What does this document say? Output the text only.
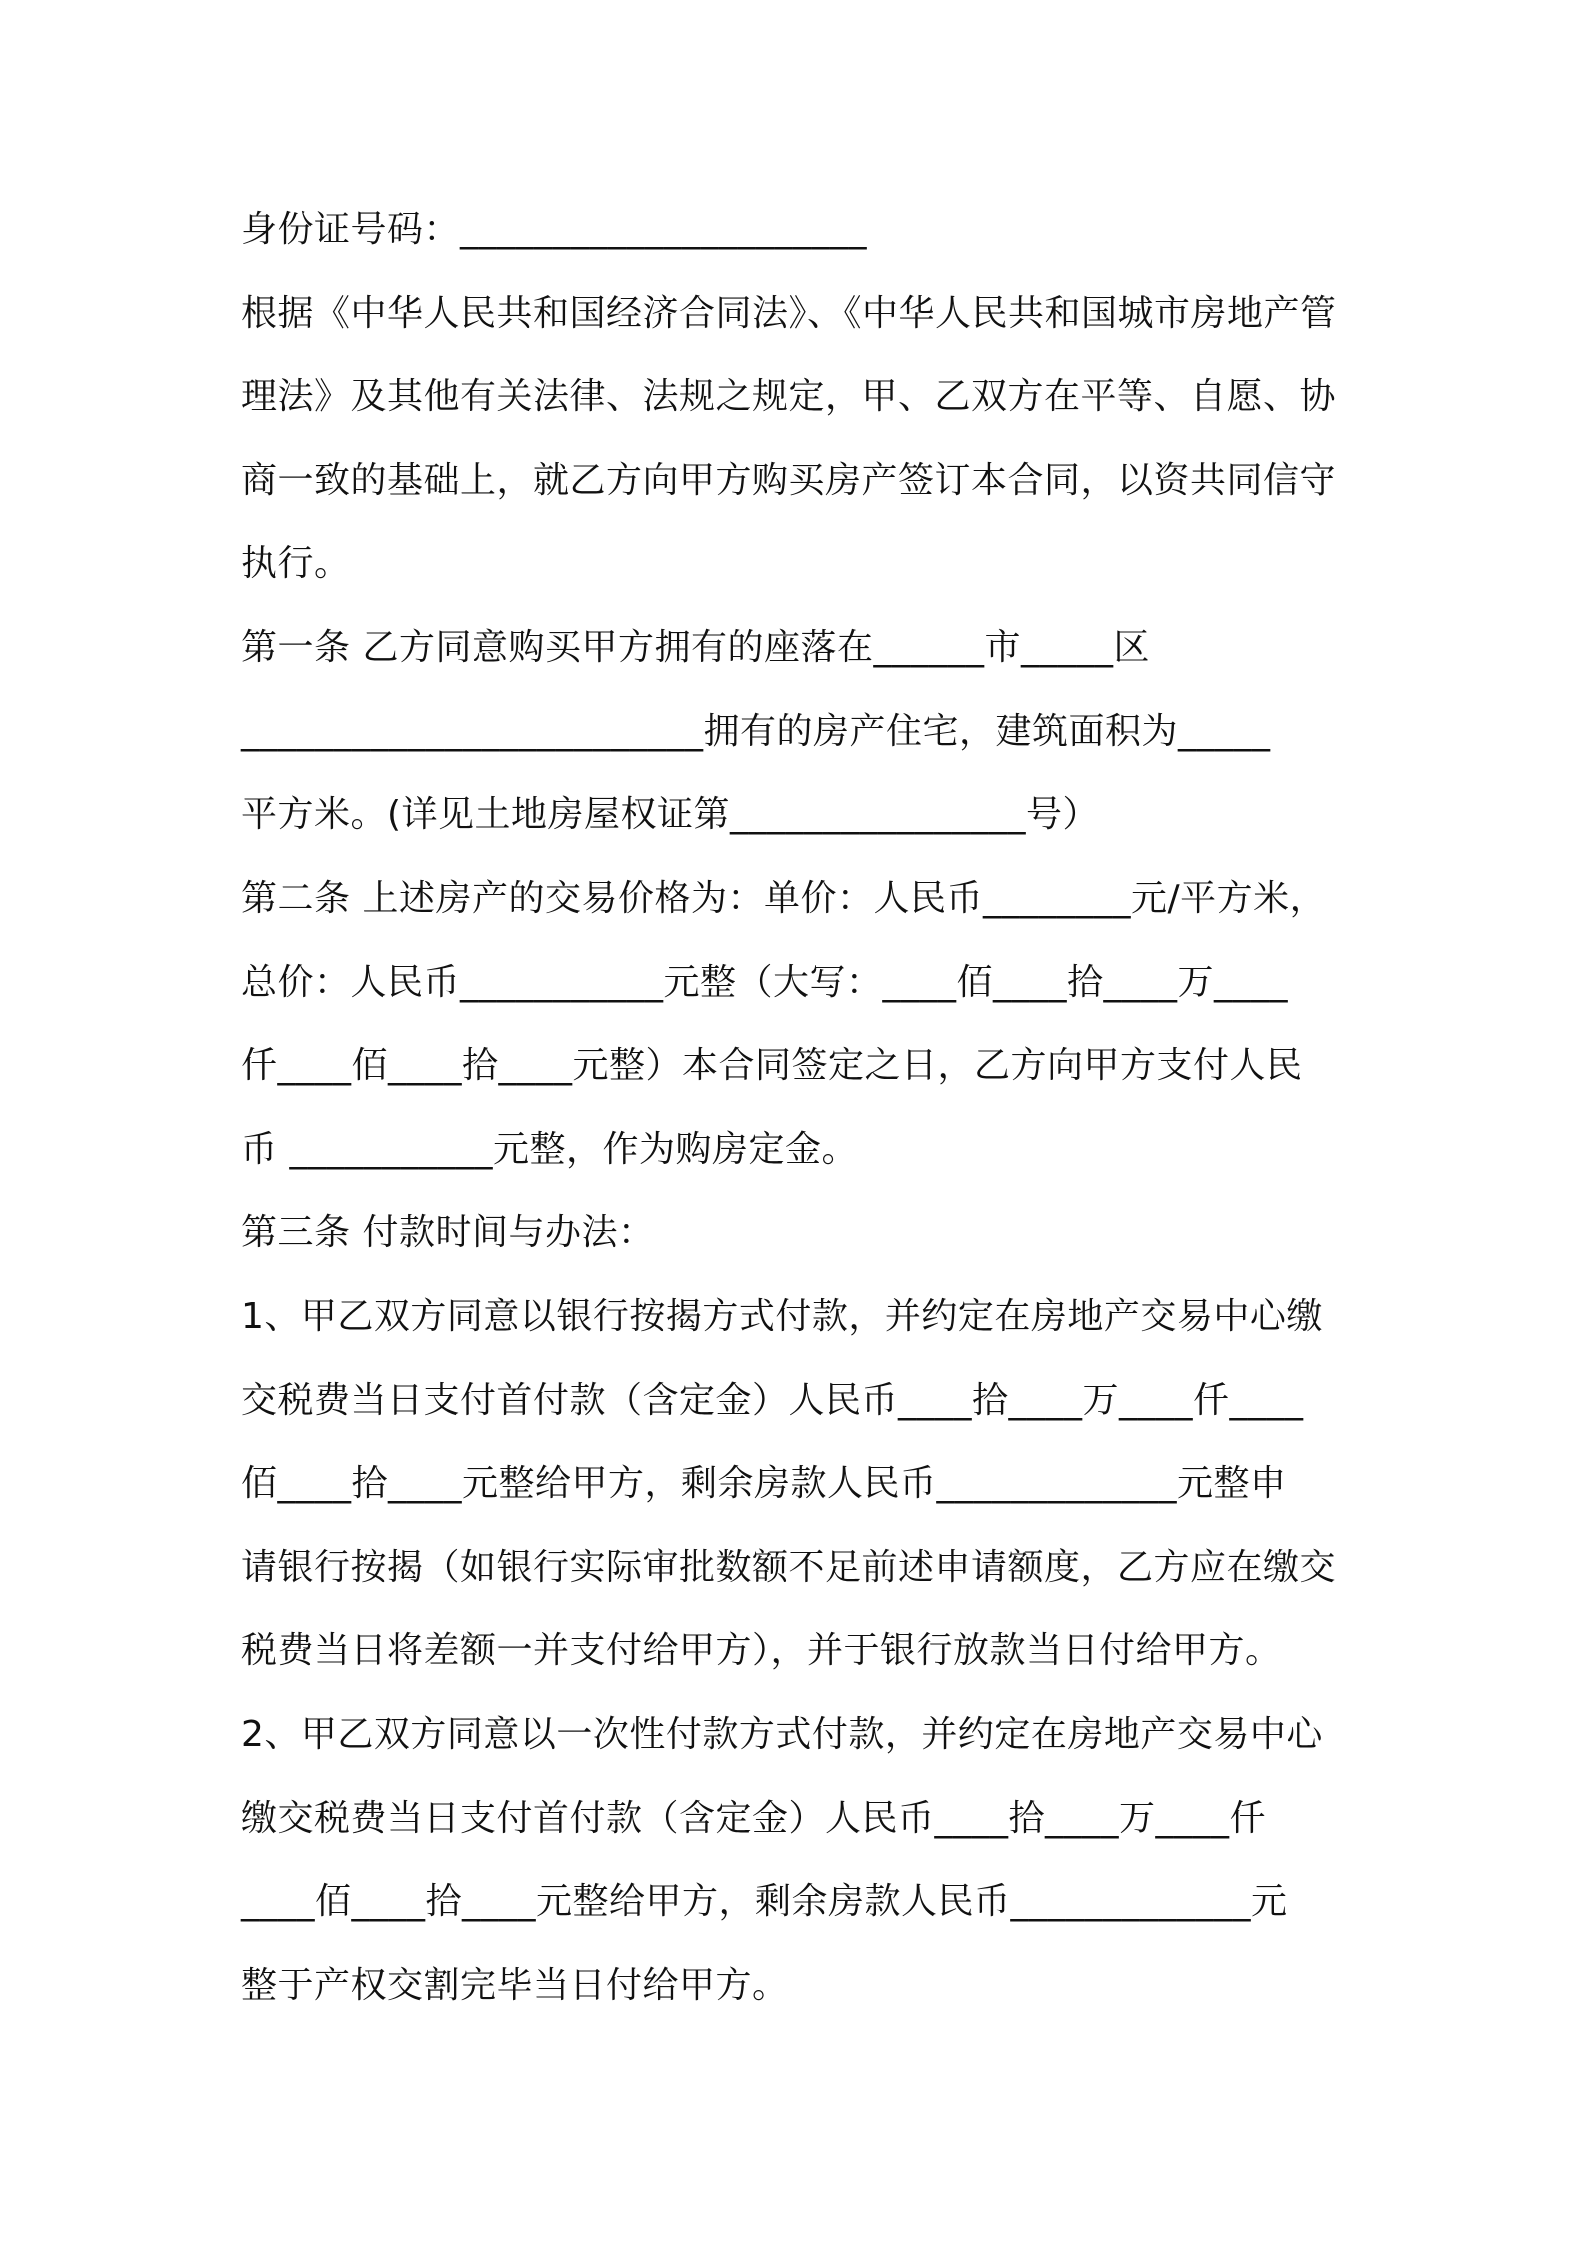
身份证号码：______________________
根据《中华人民共和国经济合同法》、《中华人民共和国城市房地产管
理法》及其他有关法律、法规之规定，甲、乙双方在平等、自愿、协
商一致的基础上，就乙方向甲方购买房产签订本合同，以资共同信守
执行。
第一条 乙方同意购买甲方拥有的座落在______市_____区
_________________________拥有的房产住宅，建筑面积为_____
平方米。(详见土地房屋权证第________________号）
第二条 上述房产的交易价格为：单价：人民币________元/平方米，
总价：人民币___________元整（大写：____佰____拾____万____
仟____佰____拾____元整）本合同签定之日，乙方向甲方支付人民
币 ___________元整，作为购房定金。
第三条 付款时间与办法：
1、甲乙双方同意以银行按揭方式付款，并约定在房地产交易中心缴
交税费当日支付首付款（含定金）人民币____拾____万____仟____
佰____拾____元整给甲方，剩余房款人民币_____________元整申
请银行按揭（如银行实际审批数额不足前述申请额度，乙方应在缴交
税费当日将差额一并支付给甲方），并于银行放款当日付给甲方。
2、甲乙双方同意以一次性付款方式付款，并约定在房地产交易中心
缴交税费当日支付首付款（含定金）人民币____拾____万____仟
____佰____拾____元整给甲方，剩余房款人民币_____________元
整于产权交割完毕当日付给甲方。
